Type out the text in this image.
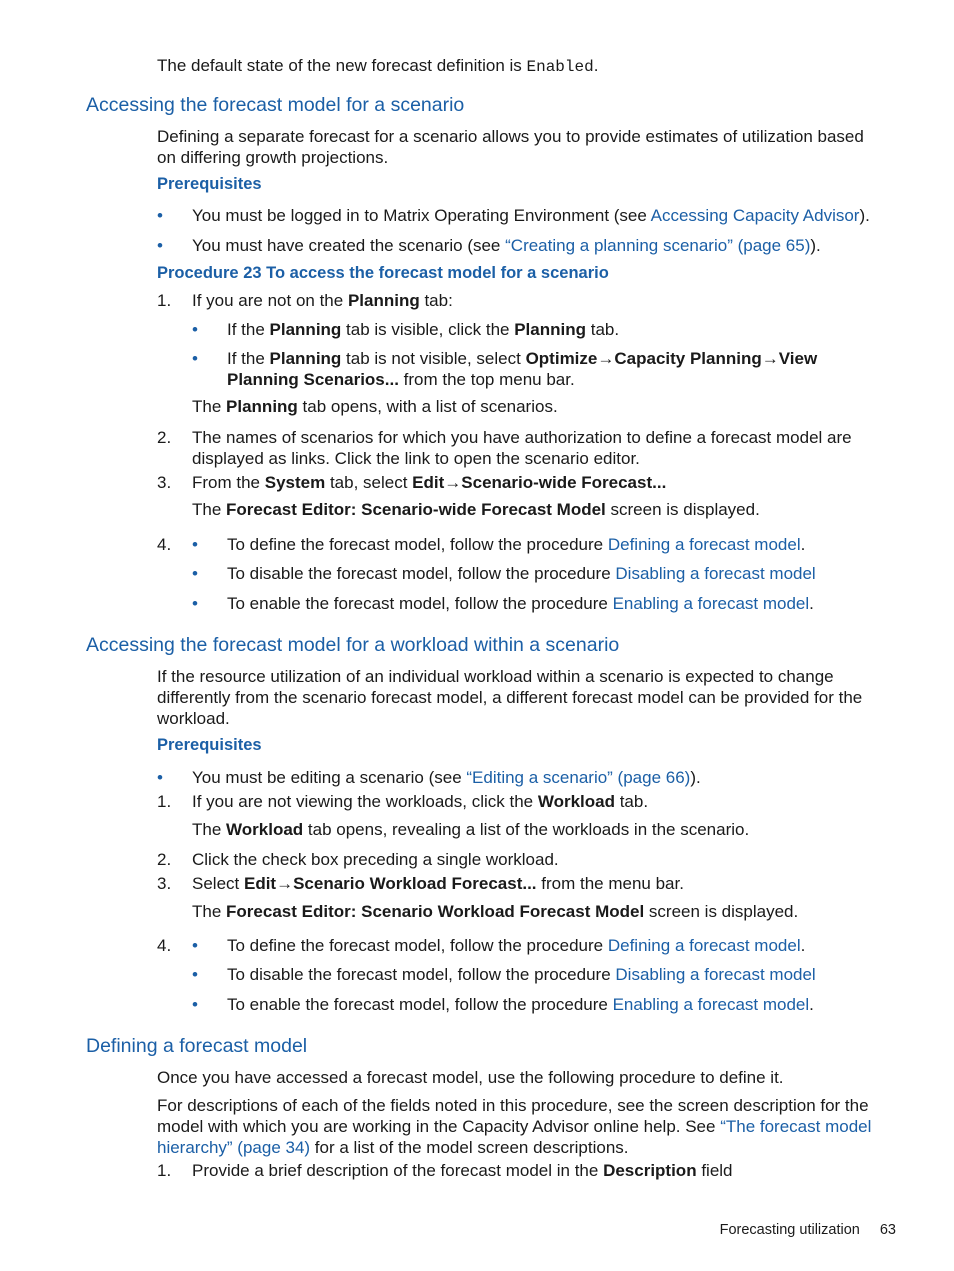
The default state of the new forecast definition is Enabled.

Accessing the forecast model for a scenario

Defining a separate forecast for a scenario allows you to provide estimates of utilization based on differing growth projections.

Prerequisites
•	You must be logged in to Matrix Operating Environment (see Accessing Capacity Advisor).
•	You must have created the scenario (see “Creating a planning scenario” (page 65)).
Procedure 23 To access the forecast model for a scenario
1.	If you are not on the Planning tab:
• If the Planning tab is visible, click the Planning tab.
• If the Planning tab is not visible, select Optimize→Capacity Planning→View Planning Scenarios... from the top menu bar.
The Planning tab opens, with a list of scenarios.
2.	The names of scenarios for which you have authorization to define a forecast model are displayed as links. Click the link to open the scenario editor.
3.	From the System tab, select Edit→Scenario-wide Forecast...
The Forecast Editor: Scenario-wide Forecast Model screen is displayed.
4.	• To define the forecast model, follow the procedure Defining a forecast model.
• To disable the forecast model, follow the procedure Disabling a forecast model
• To enable the forecast model, follow the procedure Enabling a forecast model.
Accessing the forecast model for a workload within a scenario

If the resource utilization of an individual workload within a scenario is expected to change differently from the scenario forecast model, a different forecast model can be provided for the workload.

Prerequisites
•	You must be editing a scenario (see “Editing a scenario” (page 66)).
1.	If you are not viewing the workloads, click the Workload tab.
The Workload tab opens, revealing a list of the workloads in the scenario.
2.	Click the check box preceding a single workload.
3.	Select Edit→Scenario Workload Forecast... from the menu bar.
The Forecast Editor: Scenario Workload Forecast Model screen is displayed.
4.	• To define the forecast model, follow the procedure Defining a forecast model.
• To disable the forecast model, follow the procedure Disabling a forecast model
• To enable the forecast model, follow the procedure Enabling a forecast model.
Defining a forecast model

Once you have accessed a forecast model, use the following procedure to define it.

For descriptions of each of the fields noted in this procedure, see the screen description for the model with which you are working in the Capacity Advisor online help. See “The forecast model hierarchy” (page 34) for a list of the model screen descriptions.

1.	Provide a brief description of the forecast model in the Description field
Forecasting utilization 63
